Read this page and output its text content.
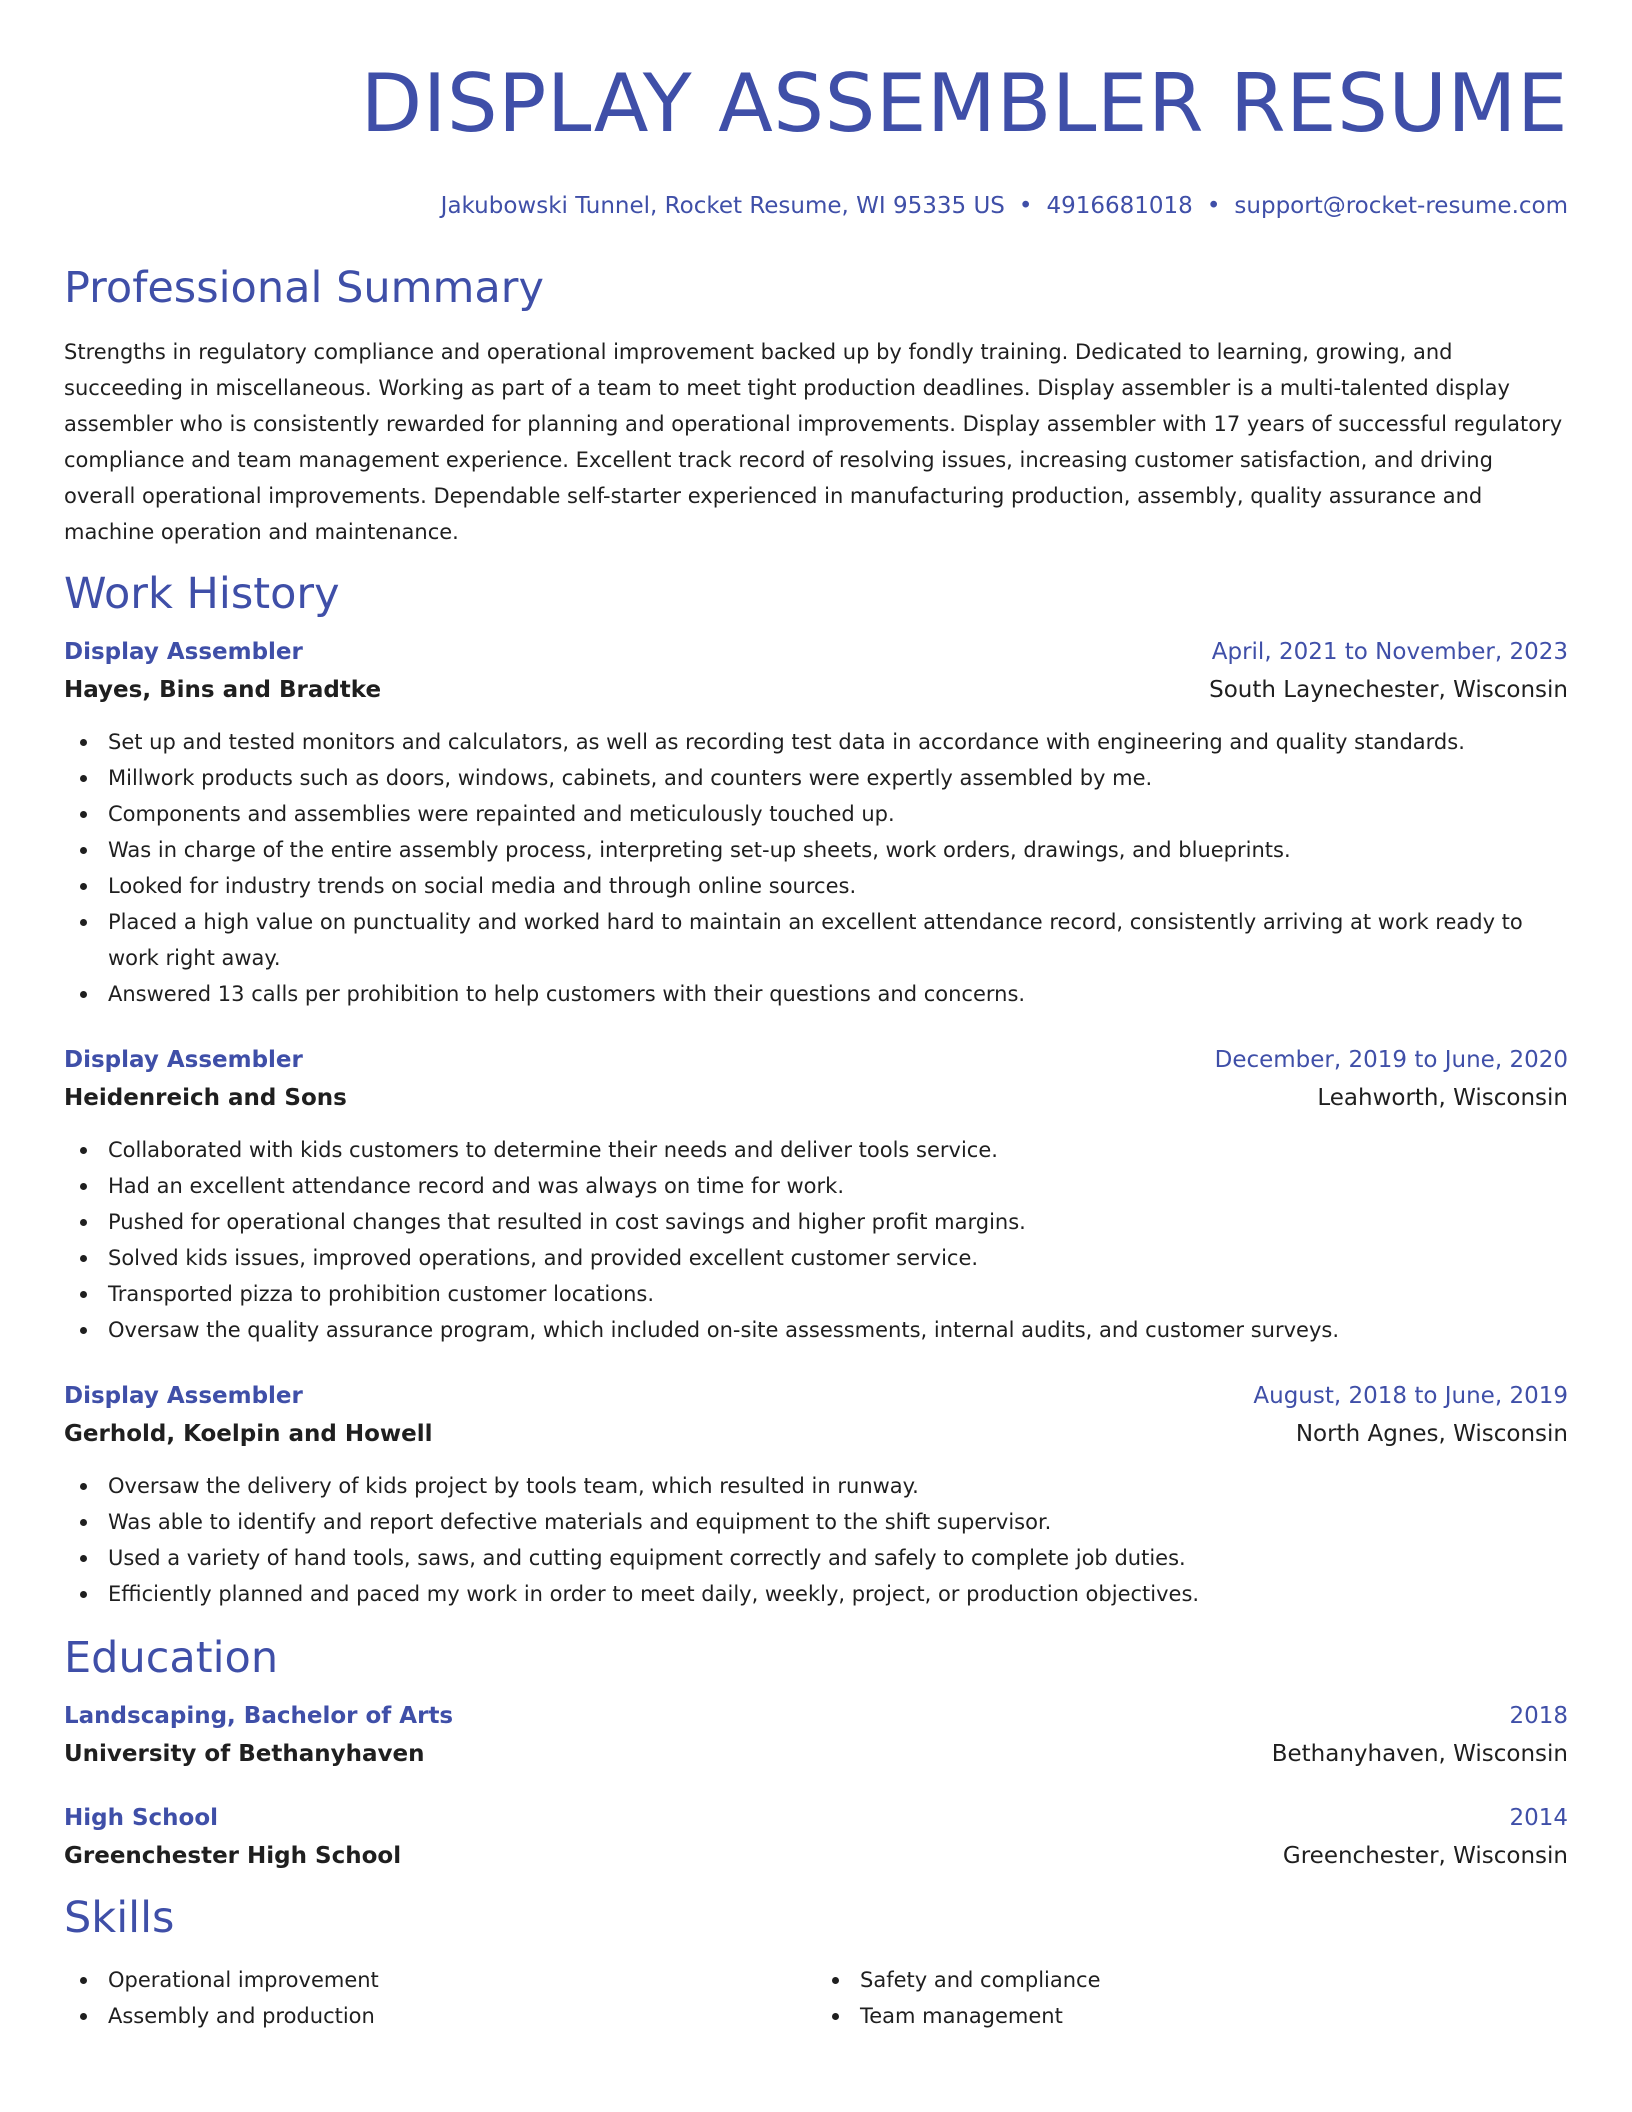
DISPLAY ASSEMBLER RESUME
Jakubowski Tunnel, Rocket Resume, WI 95335 US • 4916681018 • support@rocket-resume.com
Professional Summary

Strengths in regulatory compliance and operational improvement backed up by fondly training. Dedicated to learning, growing, and succeeding in miscellaneous. Working as part of a team to meet tight production deadlines. Display assembler is a multi-talented display assembler who is consistently rewarded for planning and operational improvements. Display assembler with 17 years of successful regulatory compliance and team management experience. Excellent track record of resolving issues, increasing customer satisfaction, and driving overall operational improvements. Dependable self-starter experienced in manufacturing production, assembly, quality assurance and machine operation and maintenance.

Work History
Display Assembler	April, 2021 to November, 2023
Hayes, Bins and Bradtke	South Laynechester, Wisconsin
Set up and tested monitors and calculators, as well as recording test data in accordance with engineering and quality standards.
Millwork products such as doors, windows, cabinets, and counters were expertly assembled by me.
Components and assemblies were repainted and meticulously touched up.
Was in charge of the entire assembly process, interpreting set-up sheets, work orders, drawings, and blueprints.
Looked for industry trends on social media and through online sources.
Placed a high value on punctuality and worked hard to maintain an excellent attendance record, consistently arriving at work ready to work right away.
Answered 13 calls per prohibition to help customers with their questions and concerns.
Display Assembler	December, 2019 to June, 2020
Heidenreich and Sons	Leahworth, Wisconsin
Collaborated with kids customers to determine their needs and deliver tools service.
Had an excellent attendance record and was always on time for work.
Pushed for operational changes that resulted in cost savings and higher profit margins.
Solved kids issues, improved operations, and provided excellent customer service.
Transported pizza to prohibition customer locations.
Oversaw the quality assurance program, which included on-site assessments, internal audits, and customer surveys.
Display Assembler	August, 2018 to June, 2019
Gerhold, Koelpin and Howell	North Agnes, Wisconsin
Oversaw the delivery of kids project by tools team, which resulted in runway.
Was able to identify and report defective materials and equipment to the shift supervisor.
Used a variety of hand tools, saws, and cutting equipment correctly and safely to complete job duties.
Efficiently planned and paced my work in order to meet daily, weekly, project, or production objectives.
Education
Landscaping, Bachelor of Arts	2018
University of Bethanyhaven	Bethanyhaven, Wisconsin
High School	2014
Greenchester High School	Greenchester, Wisconsin
Skills
Operational improvement
Assembly and production
Safety and compliance
Team management
